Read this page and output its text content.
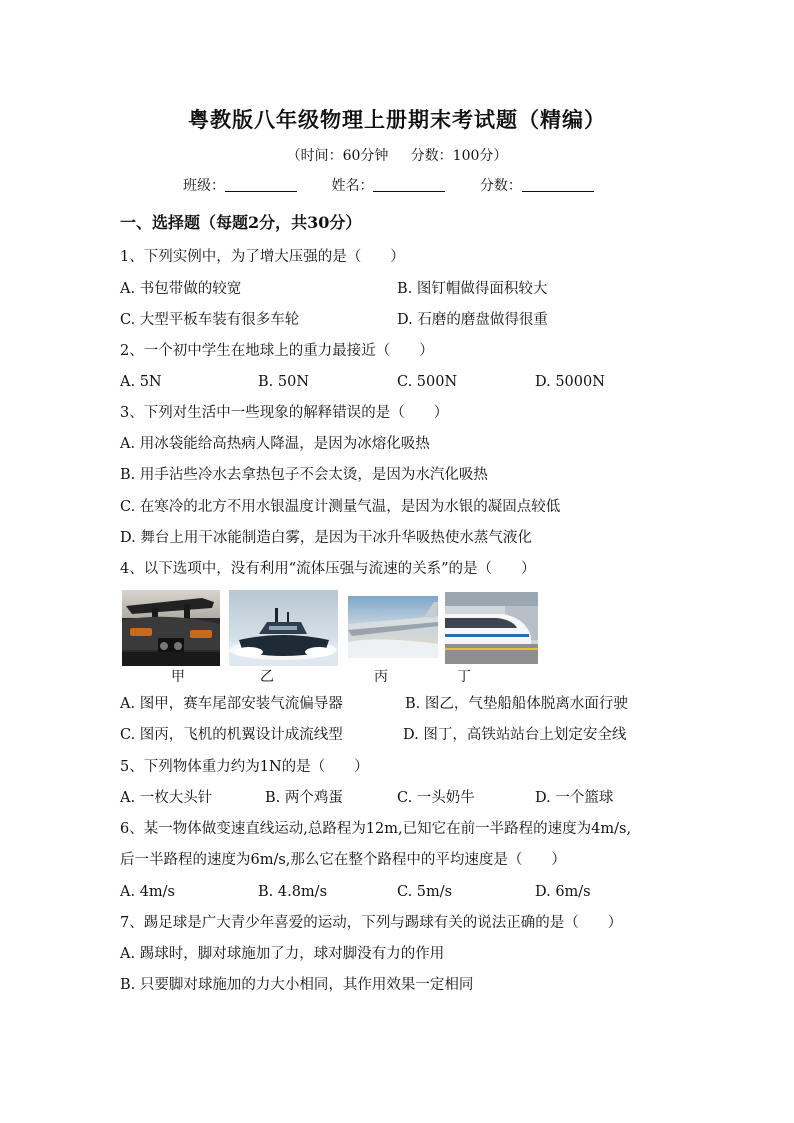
粤教版八年级物理上册期末考试题（精编）
（时间：60分钟     分数：100分）
班级：	姓名：	分数：
一、选择题（每题2分，共30分）
1、下列实例中，为了增大压强的是（　　）
A. 书包带做的较宽	B. 图钉帽做得面积较大
C. 大型平板车装有很多车轮	D. 石磨的磨盘做得很重
2、一个初中学生在地球上的重力最接近（　　）
A. 5N	B. 50N	C. 500N	D. 5000N
3、下列对生活中一些现象的解释错误的是（　　）
A. 用冰袋能给高热病人降温，是因为冰熔化吸热
B. 用手沾些冷水去拿热包子不会太烫，是因为水汽化吸热
C. 在寒冷的北方不用水银温度计测量气温，是因为水银的凝固点较低
D. 舞台上用干冰能制造白雾，是因为干冰升华吸热使水蒸气液化
4、以下选项中，没有利用“流体压强与流速的关系”的是（　　）
甲	乙	丙	丁
A. 图甲，赛车尾部安装气流偏导器	B. 图乙，气垫船船体脱离水面行驶
C. 图丙，飞机的机翼设计成流线型	D. 图丁，高铁站站台上划定安全线
5、下列物体重力约为1N的是（　　）
A. 一枚大头针	B. 两个鸡蛋	C. 一头奶牛	D. 一个篮球
6、某一物体做变速直线运动,总路程为12m,已知它在前一半路程的速度为4m/s,
后一半路程的速度为6m/s,那么它在整个路程中的平均速度是（　　）
A. 4m/s	B. 4.8m/s	C. 5m/s	D. 6m/s
7、踢足球是广大青少年喜爱的运动，下列与踢球有关的说法正确的是（　　）
A. 踢球时，脚对球施加了力，球对脚没有力的作用
B. 只要脚对球施加的力大小相同，其作用效果一定相同
